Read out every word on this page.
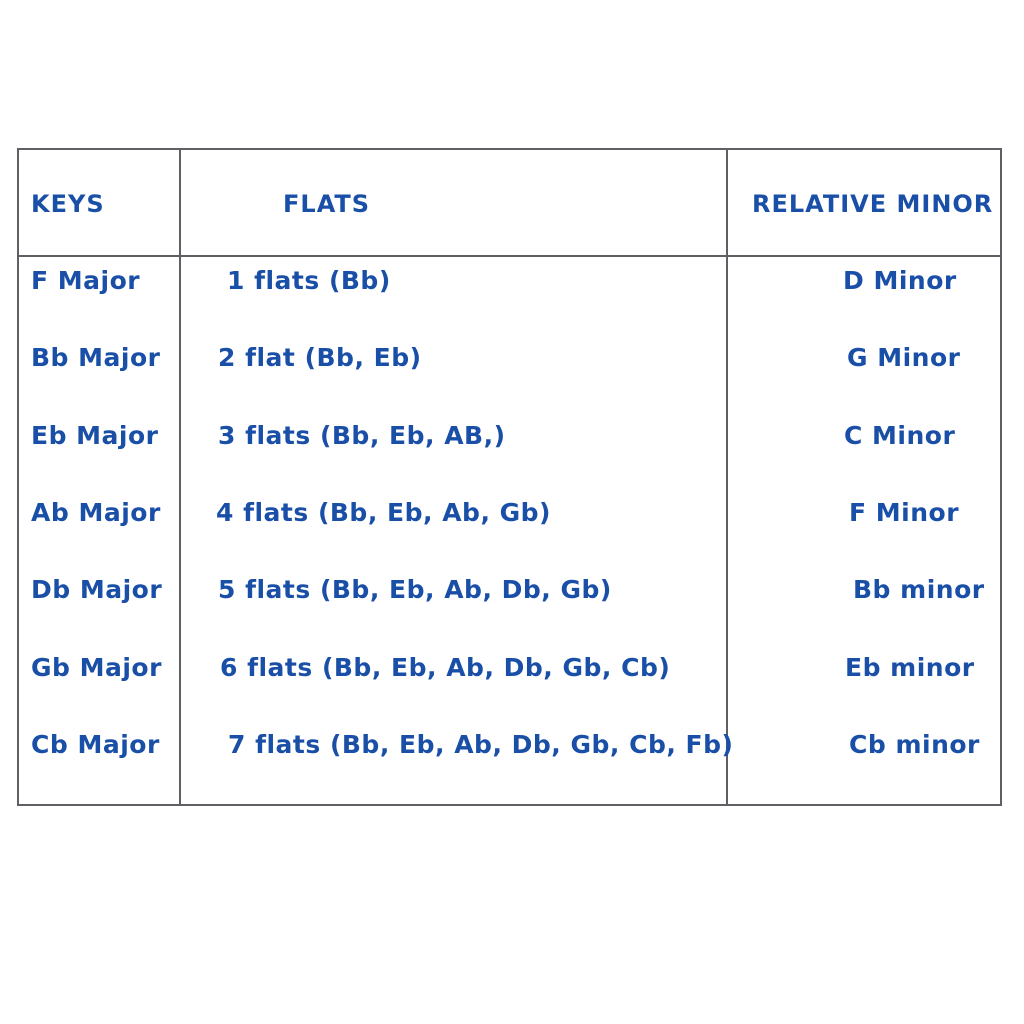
KEYS	FLATS	RELATIVE MINOR
F Major	1 flats (Bb)	D Minor
Bb Major 2 flat (Bb, Eb)	G Minor
Eb Major 3 flats (Bb, Eb, AB,)	C Minor
Ab Major 4 flats (Bb, Eb, Ab, Gb)	F Minor
Db Major 5 flats (Bb, Eb, Ab, Db, Gb)	Bb minor
Gb Major 6 flats (Bb, Eb, Ab, Db, Gb, Cb)	Eb minor
Cb Major	7 flats (Bb, Eb, Ab, Db, Gb, Cb, Fb)	Cb minor
